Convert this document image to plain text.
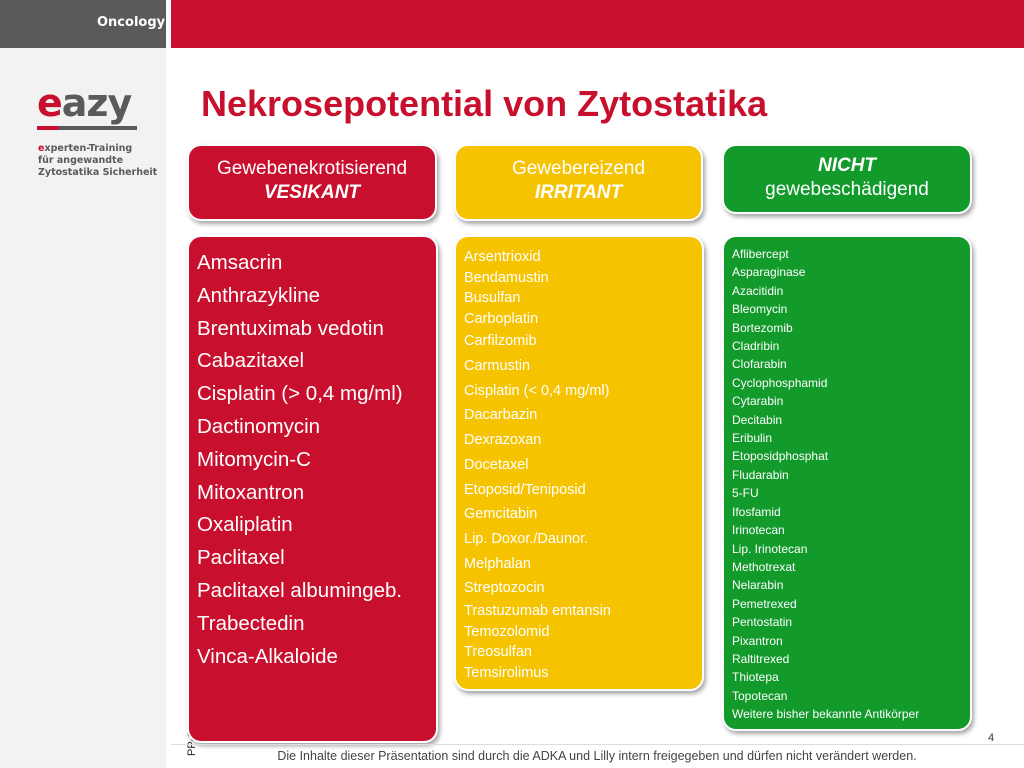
Oncology
eazy
experten-Training
für angewandte
Zytostatika Sicherheit
Nekrosepotential von Zytostatika
Gewebenekrotisierend
VESIKANT
Gewebereizend
IRRITANT
NICHT
gewebeschädigend
Amsacrin
Anthrazykline
Brentuximab vedotin
Cabazitaxel
Cisplatin (> 0,4 mg/ml)
Dactinomycin
Mitomycin-C
Mitoxantron
Oxaliplatin
Paclitaxel
Paclitaxel albumingeb.
Trabectedin
Vinca-Alkaloide
Arsentrioxid
Bendamustin
Busulfan
Carboplatin
Carfilzomib
Carmustin
Cisplatin (< 0,4 mg/ml)
Dacarbazin
Dexrazoxan
Docetaxel
Etoposid/Teniposid
Gemcitabin
Lip. Doxor./Daunor.
Melphalan
Streptozocin
Trastuzumab emtansin
Temozolomid
Treosulfan
Temsirolimus
Aflibercept
Asparaginase
Azacitidin
Bleomycin
Bortezomib
Cladribin
Clofarabin
Cyclophosphamid
Cytarabin
Decitabin
Eribulin
Etoposidphosphat
Fludarabin
5-FU
Ifosfamid
Irinotecan
Lip. Irinotecan
Methotrexat
Nelarabin
Pemetrexed
Pentostatin
Pixantron
Raltitrexed
Thiotepa
Topotecan
Weitere bisher bekannte Antikörper
4
Die Inhalte dieser Präsentation sind durch die ADKA und Lilly intern freigegeben und dürfen nicht verändert werden.
